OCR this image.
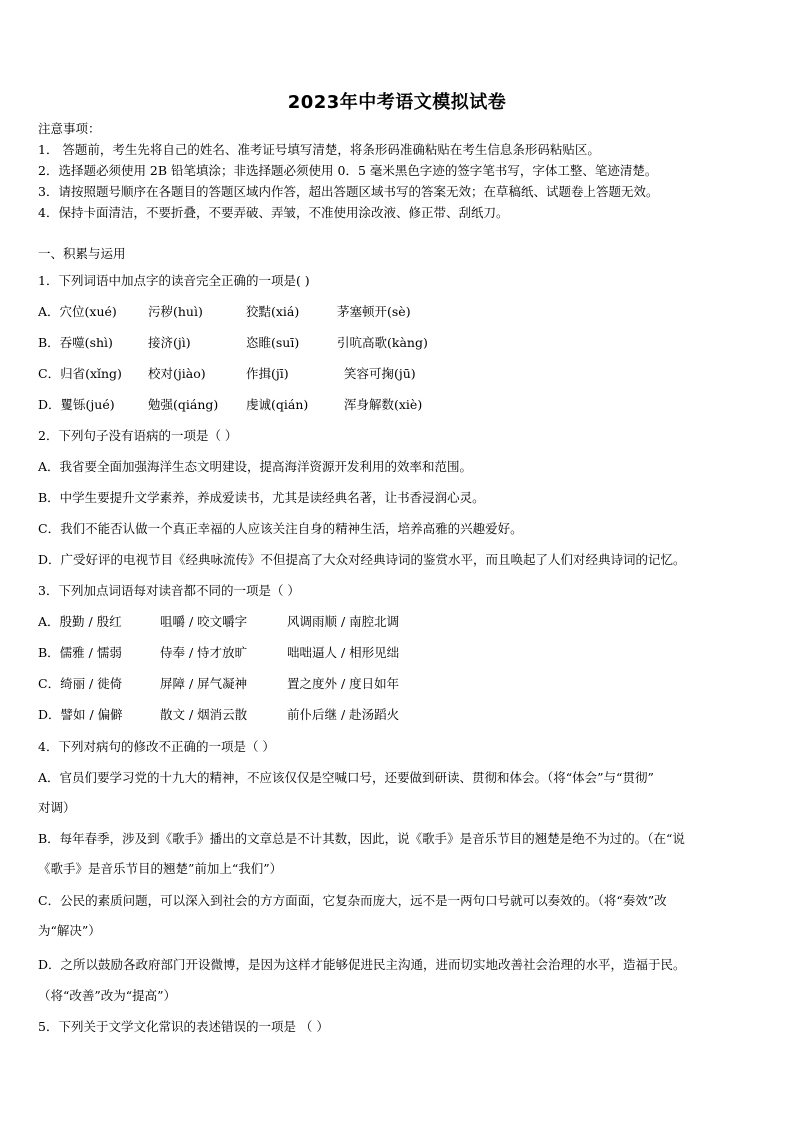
2023年中考语文模拟试卷
注意事项：
1． 答题前，考生先将自己的姓名、准考证号填写清楚，将条形码准确粘贴在考生信息条形码粘贴区。
2．选择题必须使用 2B 铅笔填涂；非选择题必须使用 0．5 毫米黑色字迹的签字笔书写，字体工整、笔迹清楚。
3．请按照题号顺序在各题目的答题区域内作答，超出答题区域书写的答案无效；在草稿纸、试题卷上答题无效。
4．保持卡面清洁，不要折叠，不要弄破、弄皱，不准使用涂改液、修正带、刮纸刀。
一、积累与运用
1．下列词语中加点字的读音完全正确的一项是( )
A．穴位(xué) 污秽(huì)	狡黠(xiá)	茅塞顿开(sè)
B．吞噬(shì)	接济(jì)	恣睢(suī)	引吭高歌(kàng)
C．归省(xǐng) 校对(jiào)	作揖(jī)	笑容可掬(jū)
D．矍铄(jué)	勉强(qiáng) 虔诚(qián)	浑身解数(xiè)
2．下列句子没有语病的一项是（ ）
A．我省要全面加强海洋生态文明建设，提高海洋资源开发利用的效率和范围。
B．中学生要提升文学素养，养成爱读书，尤其是读经典名著，让书香浸润心灵。
C．我们不能否认做一个真正幸福的人应该关注自身的精神生活，培养高雅的兴趣爱好。
D．广受好评的电视节目《经典咏流传》不但提高了大众对经典诗词的鉴赏水平，而且唤起了人们对经典诗词的记忆。
3．下列加点词语每对读音都不同的一项是（ ）
A．殷勤 / 殷红	咀嚼 / 咬文嚼字	风调雨顺 / 南腔北调
B．儒雅 / 懦弱	侍奉 / 恃才放旷	咄咄逼人 / 相形见绌
C．绮丽 / 徙倚	屏障 / 屏气凝神	置之度外 / 度日如年
D．譬如 / 偏僻	散文 / 烟消云散	前仆后继 / 赴汤蹈火
4．下列对病句的修改不正确的一项是（ ）
A．官员们要学习党的十九大的精神，不应该仅仅是空喊口号，还要做到研读、贯彻和体会。（将“体会”与“贯彻”
对调）
B．每年春季，涉及到《歌手》播出的文章总是不计其数，因此，说《歌手》是音乐节目的翘楚是绝不为过的。（在“说
《歌手》是音乐节目的翘楚”前加上“我们”）
C．公民的素质问题，可以深入到社会的方方面面，它复杂而庞大，远不是一两句口号就可以奏效的。（将“奏效”改
为“解决”）
D．之所以鼓励各政府部门开设微博，是因为这样才能够促进民主沟通，进而切实地改善社会治理的水平，造福于民。
（将“改善”改为“提高”）
5．下列关于文学文化常识的表述错误的一项是 （ ）
